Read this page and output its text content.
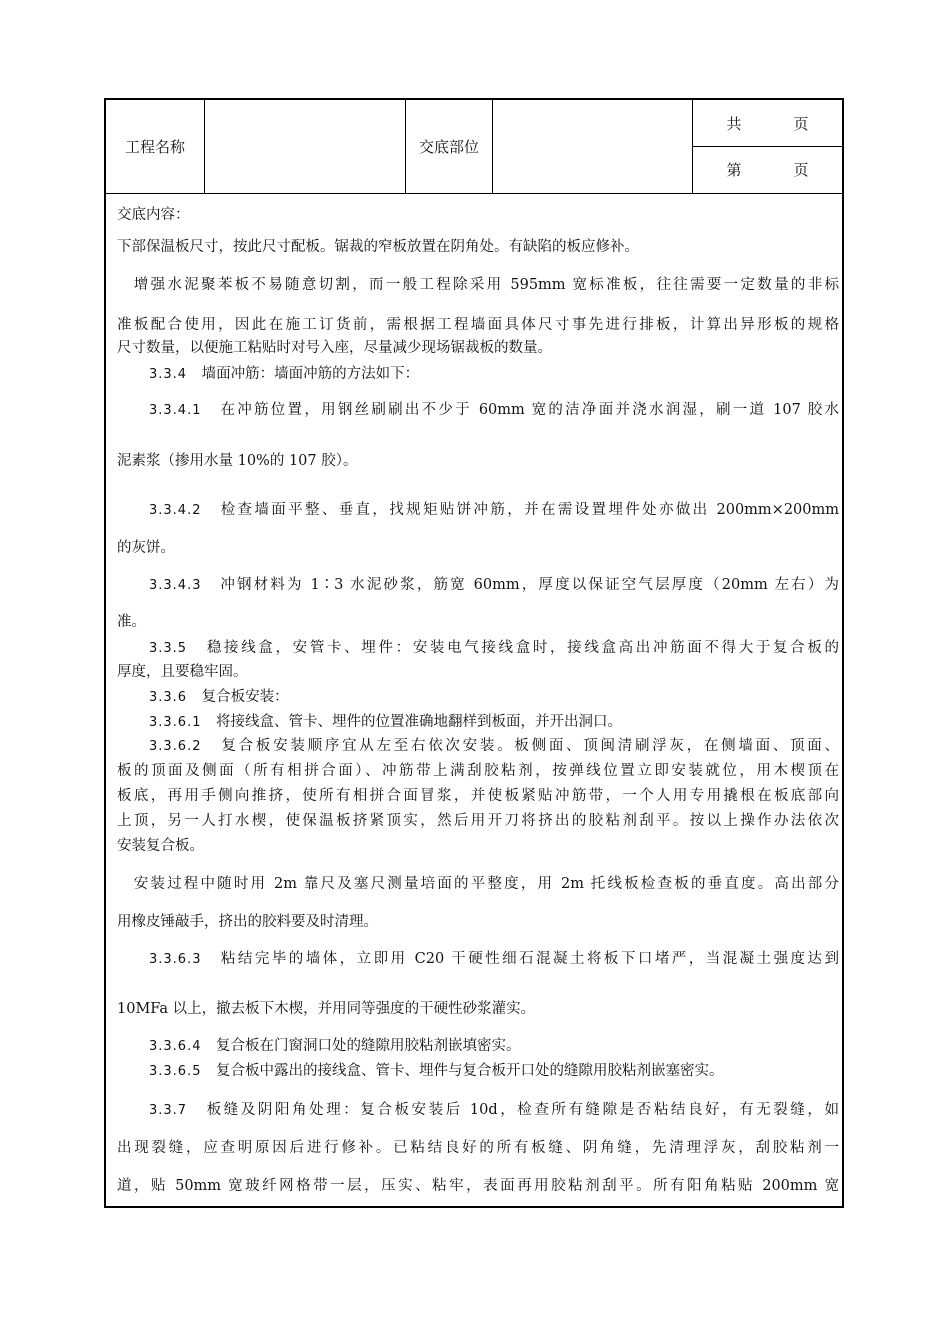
工程名称	交底部位
共	页
第	页
交底内容：
下部保温板尺寸，按此尺寸配板。锯裁的窄板放置在阴角处。有缺陷的板应修补。
　增强水泥聚苯板不易随意切割，而一般工程除采用 595mm 宽标准板，往往需要一定数量的非标
准板配合使用，因此在施工订货前，需根据工程墙面具体尺寸事先进行排板，计算出异形板的规格
尺寸数量，以便施工粘贴时对号入座，尽量减少现场锯裁板的数量。
3.3.4　墙面冲筋：墙面冲筋的方法如下：
3.3.4.1　在冲筋位置，用钢丝刷刷出不少于 60mm 宽的洁净面并浇水润湿，刷一道 107 胶水
泥素浆（掺用水量 10%的 107 胶）。
3.3.4.2　检查墙面平整、垂直，找规矩贴饼冲筋，并在需设置埋件处亦做出 200mm×200mm
的灰饼。
3.3.4.3　冲钢材料为 1∶3 水泥砂浆，筋宽 60mm，厚度以保证空气层厚度（20mm 左右）为
准。
3.3.5　稳接线盒，安管卡、埋件：安装电气接线盒时，接线盒高出冲筋面不得大于复合板的
厚度，且要稳牢固。
3.3.6　复合板安装：
3.3.6.1　将接线盒、管卡、埋件的位置准确地翻样到板面，并开出洞口。
3.3.6.2　复合板安装顺序宜从左至右依次安装。板侧面、顶闽清刷浮灰，在侧墙面、顶面、
板的顶面及侧面（所有相拼合面）、冲筋带上满刮胶粘剂，按弹线位置立即安装就位，用木楔顶在
板底，再用手侧向推挤，使所有相拼合面冒浆，并使板紧贴冲筋带，一个人用专用撬根在板底部向
上顶，另一人打水楔，使保温板挤紧顶实，然后用开刀将挤出的胶粘剂刮平。按以上操作办法依次
安装复合板。
　安装过程中随时用 2m 靠尺及塞尺测量培面的平整度，用 2m 托线板检查板的垂直度。高出部分
用橡皮锤敲手，挤出的胶料要及时清理。
3.3.6.3　粘结完毕的墙体，立即用 C20 干硬性细石混凝土将板下口堵严，当混凝土强度达到
10MFa 以上，撤去板下木楔，并用同等强度的干硬性砂浆灌实。
3.3.6.4　复合板在门窗洞口处的缝隙用胶粘剂嵌填密实。
3.3.6.5　复合板中露出的接线盒、管卡、埋件与复合板开口处的缝隙用胶粘剂嵌塞密实。
3.3.7　板缝及阴阳角处理：复合板安装后 10d，检查所有缝隙是否粘结良好，有无裂缝，如
出现裂缝，应查明原因后进行修补。已粘结良好的所有板缝、阴角缝，先清理浮灰，刮胶粘剂一
道，贴 50mm 宽玻纤网格带一层，压实、粘牢，表面再用胶粘剂刮平。所有阳角粘贴 200mm 宽
